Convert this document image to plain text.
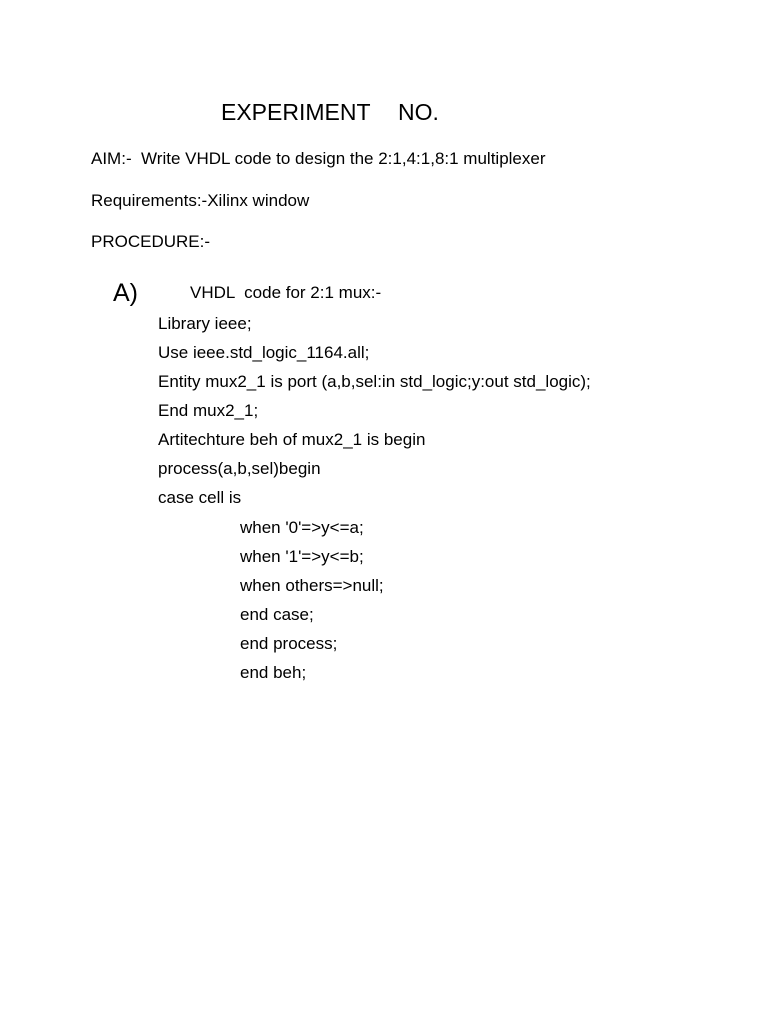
EXPERIMENT NO.
AIM:-  Write VHDL code to design the 2:1,4:1,8:1 multiplexer
Requirements:-Xilinx window
PROCEDURE:-
A)	VHDL  code for 2:1 mux:-
Library ieee;
Use ieee.std_logic_1164.all;
Entity mux2_1 is port (a,b,sel:in std_logic;y:out std_logic);
End mux2_1;
Artitechture beh of mux2_1 is begin
process(a,b,sel)begin
case cell is
when '0'=>y<=a;
when '1'=>y<=b;
when others=>null;
end case;
end process;
end beh;
